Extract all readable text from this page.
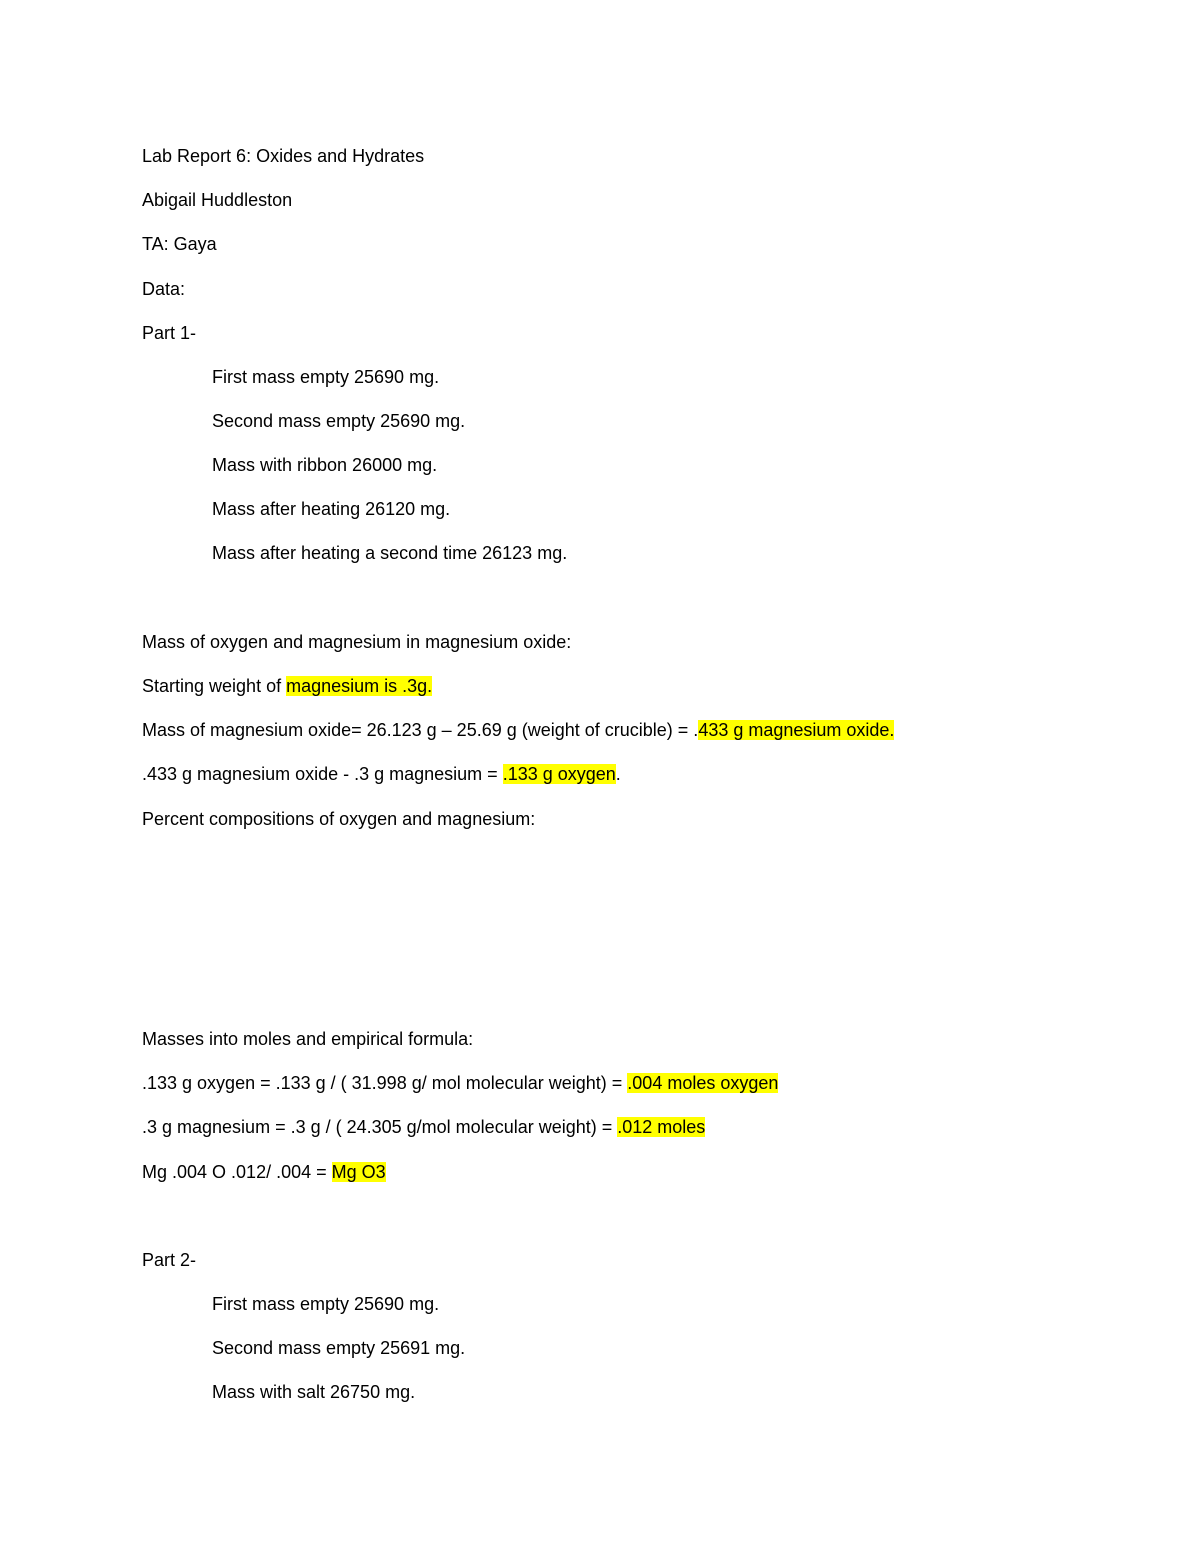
Lab Report 6: Oxides and Hydrates
Abigail Huddleston
TA: Gaya
Data:
Part 1-
First mass empty 25690 mg.
Second mass empty 25690 mg.
Mass with ribbon 26000 mg.
Mass after heating 26120 mg.
Mass after heating a second time 26123 mg.
Mass of oxygen and magnesium in magnesium oxide:
Starting weight of magnesium is .3g.
Mass of magnesium oxide= 26.123 g – 25.69 g (weight of crucible) = .433 g magnesium oxide.
.433 g magnesium oxide - .3 g magnesium = .133 g oxygen.
Percent compositions of oxygen and magnesium:
Masses into moles and empirical formula:
.133 g oxygen = .133 g / ( 31.998 g/ mol molecular weight) = .004 moles oxygen
.3 g magnesium = .3 g / ( 24.305 g/mol molecular weight) = .012 moles
Mg .004 O .012/ .004 = Mg O3
Part 2-
First mass empty 25690 mg.
Second mass empty 25691 mg.
Mass with salt 26750 mg.
